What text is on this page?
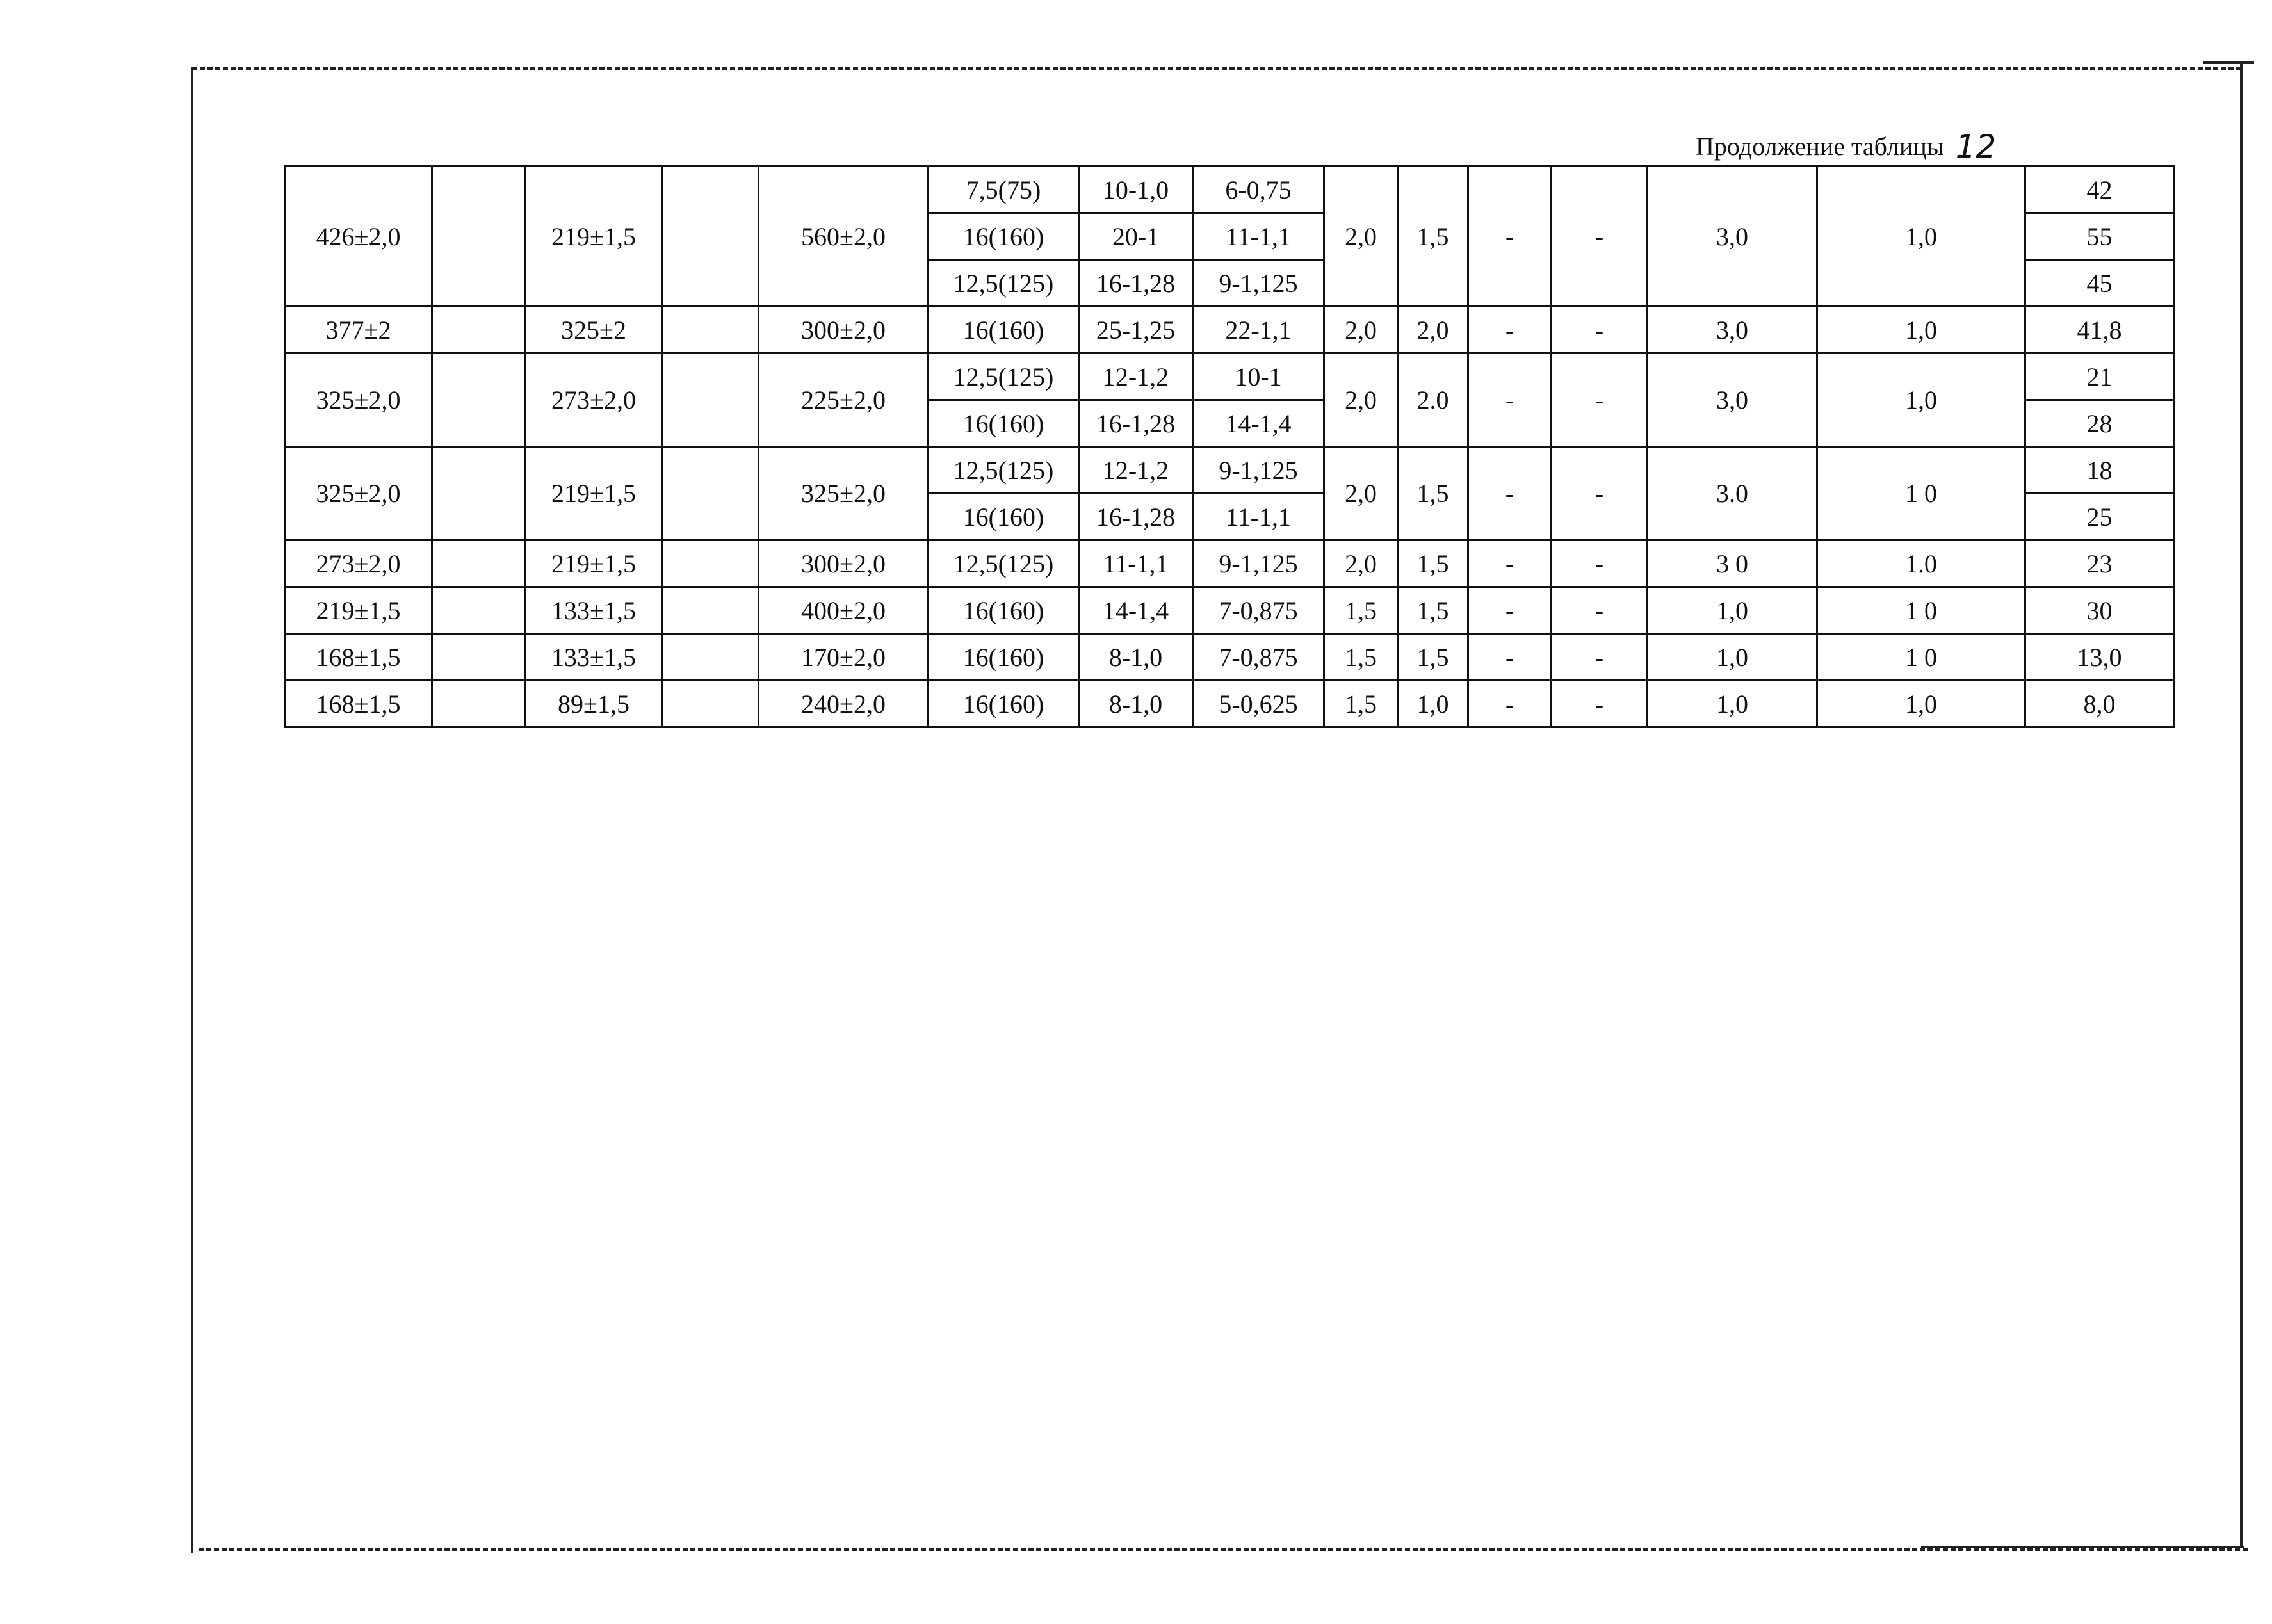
Продолжение таблицы 12
426±2,0		219±1,5		560±2,0	7,5(75)	10-1,0	6-0,75	2,0	1,5	-	-	3,0	1,0	42
					16(160)	20-1	11-1,1							55
					12,5(125)	16-1,28	9-1,125							45
377±2		325±2		300±2,0	16(160)	25-1,25	22-1,1	2,0	2,0	-	-	3,0	1,0	41,8
325±2,0		273±2,0		225±2,0	12,5(125)	12-1,2	10-1	2,0	2.0	-	-	3,0	1,0	21
					16(160)	16-1,28	14-1,4							28
325±2,0		219±1,5		325±2,0	12,5(125)	12-1,2	9-1,125	2,0	1,5	-	-	3.0	1 0	18
					16(160)	16-1,28	11-1,1							25
273±2,0		219±1,5		300±2,0	12,5(125)	11-1,1	9-1,125	2,0	1,5	-	-	3 0	1.0	23
219±1,5		133±1,5		400±2,0	16(160)	14-1,4	7-0,875	1,5	1,5	-	-	1,0	1 0	30
168±1,5		133±1,5		170±2,0	16(160)	8-1,0	7-0,875	1,5	1,5	-	-	1,0	1 0	13,0
168±1,5		89±1,5		240±2,0	16(160)	8-1,0	5-0,625	1,5	1,0	-	-	1,0	1,0	8,0
